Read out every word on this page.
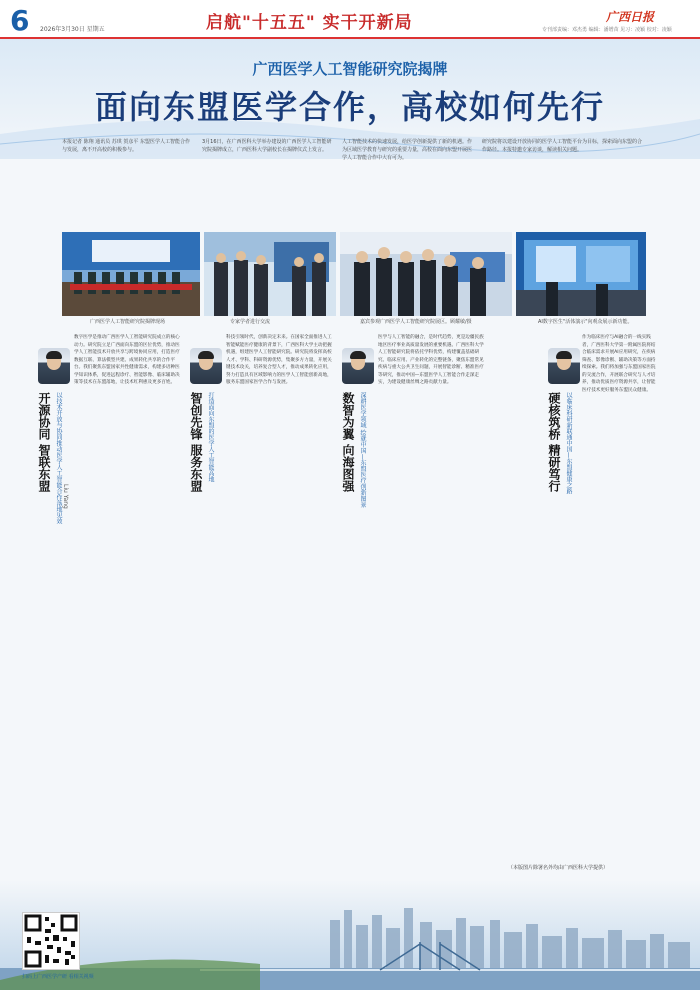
6 2026年3月30日 星期五	启航"十五五" 实干开新局	广西日报
专刊部责编：邓杰勇 编辑：潘增苗 见习：凌颖 校对：凌颖
广西医学人工智能研究院揭牌
面向东盟医学合作，高校如何先行
本报记者 陈翔 通讯员 苏琪 贺彦平 东盟医学人工智能合作与发展，离不开高校的积极参与。
3月16日，在广西医科大学举办建设的广西医学人工智能研究院揭牌成立，广西医科大学副校长在揭牌仪式上发言。
人工智能技术的快速发展，给医学创新提供了新的机遇。作为区域医学教育与研究的重要力量，高校在面向东盟开展医学人工智能合作中大有可为。
研究院将以建设开放协同的医学人工智能平台为目标，探索面向东盟的合作路径。本报特邀专家访谈，解读相关问题。
广西医学人工智能研究院揭牌现场	专家学者进行交流	嘉宾参观广西医学人工智能研究院展区。顾耀敏/摄	AI数字医生"活体演示"向观众展示新功能。
开源协同 智联东盟 以技术开放与协同推动医学人工智能合作落地见效 Liu Yang
数字医学是推动广西医学人工智能研究院成立的核心动力。研究院立足广西面向东盟的区位优势，推动医学人工智能技术开放共享与跨境协同应用，打造医疗数据互联、算法模型共建、成果转化共享的合作平台。我们聚焦东盟国家共性健康需求，构建多语种医学知识体系，促进远程诊疗、智能影像、临床辅助决策等技术在东盟落地，让技术红利惠及更多百姓。
智创先锋 服务东盟 打造面向东盟的医学人工智能高地
科技引领时代，创新决定未来。在国家全面推进人工智能赋能医疗健康的背景下，广西医科大学主动把握机遇，组建医学人工智能研究院。研究院将发挥高校人才、学科、科研资源优势，集聚多方力量，开展关键技术攻关，培养复合型人才，推动成果转化应用，努力打造具有区域影响力的医学人工智能创新高地，服务东盟国家医学合作与发展。
数智为翼 向海图强 深耕医学领域 绘就中国—东盟医疗创新图景
医学与人工智能的融合，是时代趋势，更是边疆民族地区医疗事业高质量发展的重要机遇。广西医科大学人工智能研究院将依托学科优势，构建覆盖基础研究、临床应用、产业转化的完整链条，聚焦东盟常见疾病与重大公共卫生问题，开展智能诊断、精准医疗等研究，推动中国—东盟医学人工智能合作走深走实，为建设健康丝绸之路贡献力量。
硬核筑桥 精研笃行 以临床科研新联通中国—东盟健康之路
作为临床医疗与AI融合的一线实践者，广西医科大学第一附属医院将结合临床需求开展AI应用研究，在疾病筛查、影像诊断、辅助决策等方面持续探索。我们将加强与东盟国家医院的交流合作，开展联合研究与人才培养，推动优质医疗资源共享，让智能医疗技术更好服务东盟民众健康。
（本版图片除署名外均由广西医科大学提供）
扫码上广西医学产研 看相关视频
